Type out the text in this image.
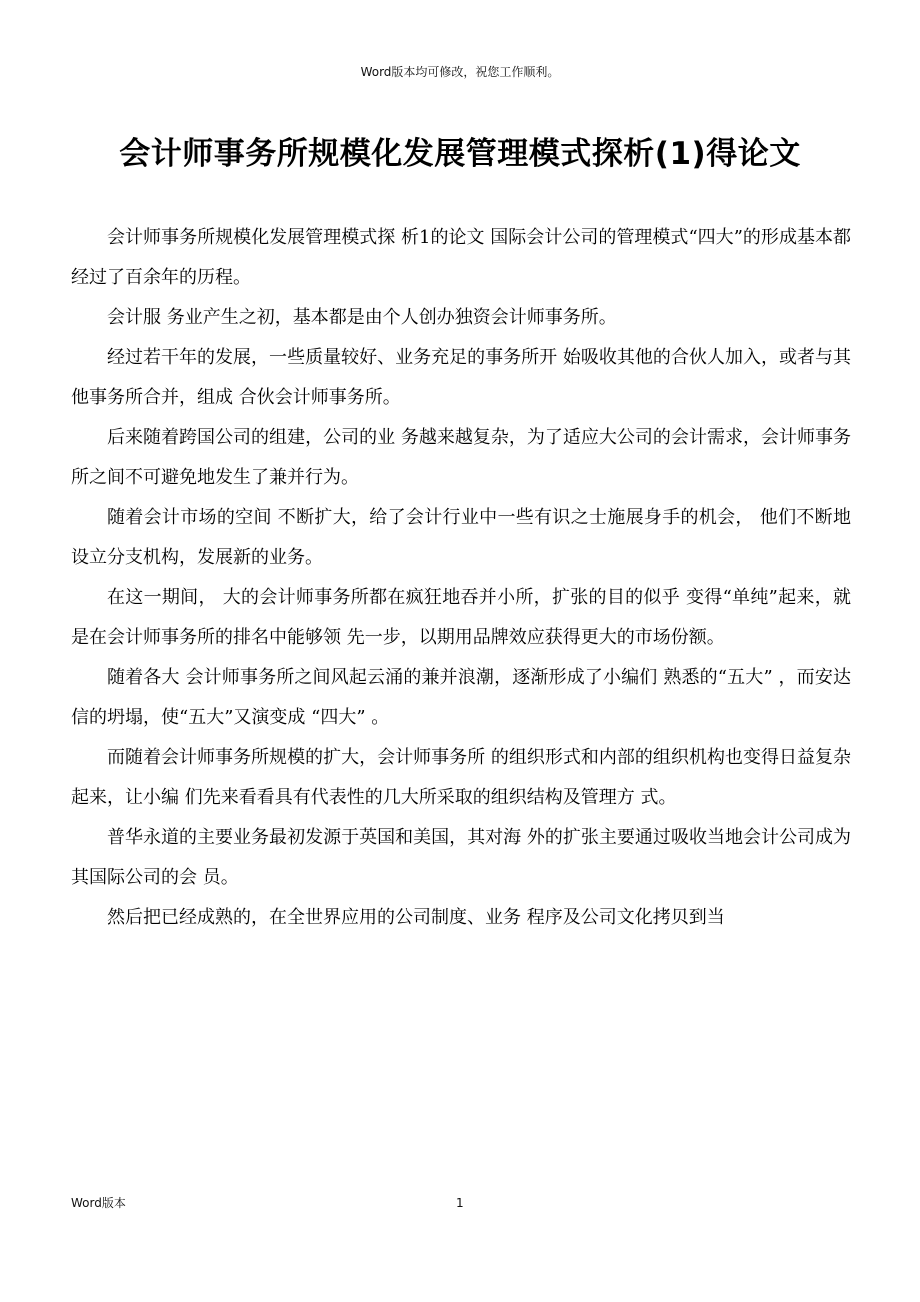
Word版本均可修改，祝您工作顺利。
会计师事务所规模化发展管理模式探析(1)得论文

会计师事务所规模化发展管理模式探 析1的论文 国际会计公司的管理模式“四大”的形成基本都经过了百余年的历程。

会计服 务业产生之初，基本都是由个人创办独资会计师事务所。

经过若干年的发展，一些质量较好、业务充足的事务所开 始吸收其他的合伙人加入，或者与其他事务所合并，组成 合伙会计师事务所。

后来随着跨国公司的组建，公司的业 务越来越复杂，为了适应大公司的会计需求，会计师事务 所之间不可避免地发生了兼并行为。

随着会计市场的空间 不断扩大，给了会计行业中一些有识之士施展身手的机会， 他们不断地设立分支机构，发展新的业务。

在这一期间， 大的会计师事务所都在疯狂地吞并小所，扩张的目的似乎 变得“单纯”起来，就是在会计师事务所的排名中能够领 先一步，以期用品牌效应获得更大的市场份额。

随着各大 会计师事务所之间风起云涌的兼并浪潮，逐渐形成了小编们 熟悉的“五大” ，而安达信的坍塌，使“五大”又演变成 “四大” 。

而随着会计师事务所规模的扩大，会计师事务所 的组织形式和内部的组织机构也变得日益复杂起来，让小编 们先来看看具有代表性的几大所采取的组织结构及管理方 式。

普华永道的主要业务最初发源于英国和美国，其对海 外的扩张主要通过吸收当地会计公司成为其国际公司的会 员。

然后把已经成熟的，在全世界应用的公司制度、业务 程序及公司文化拷贝到当

Word版本	1
